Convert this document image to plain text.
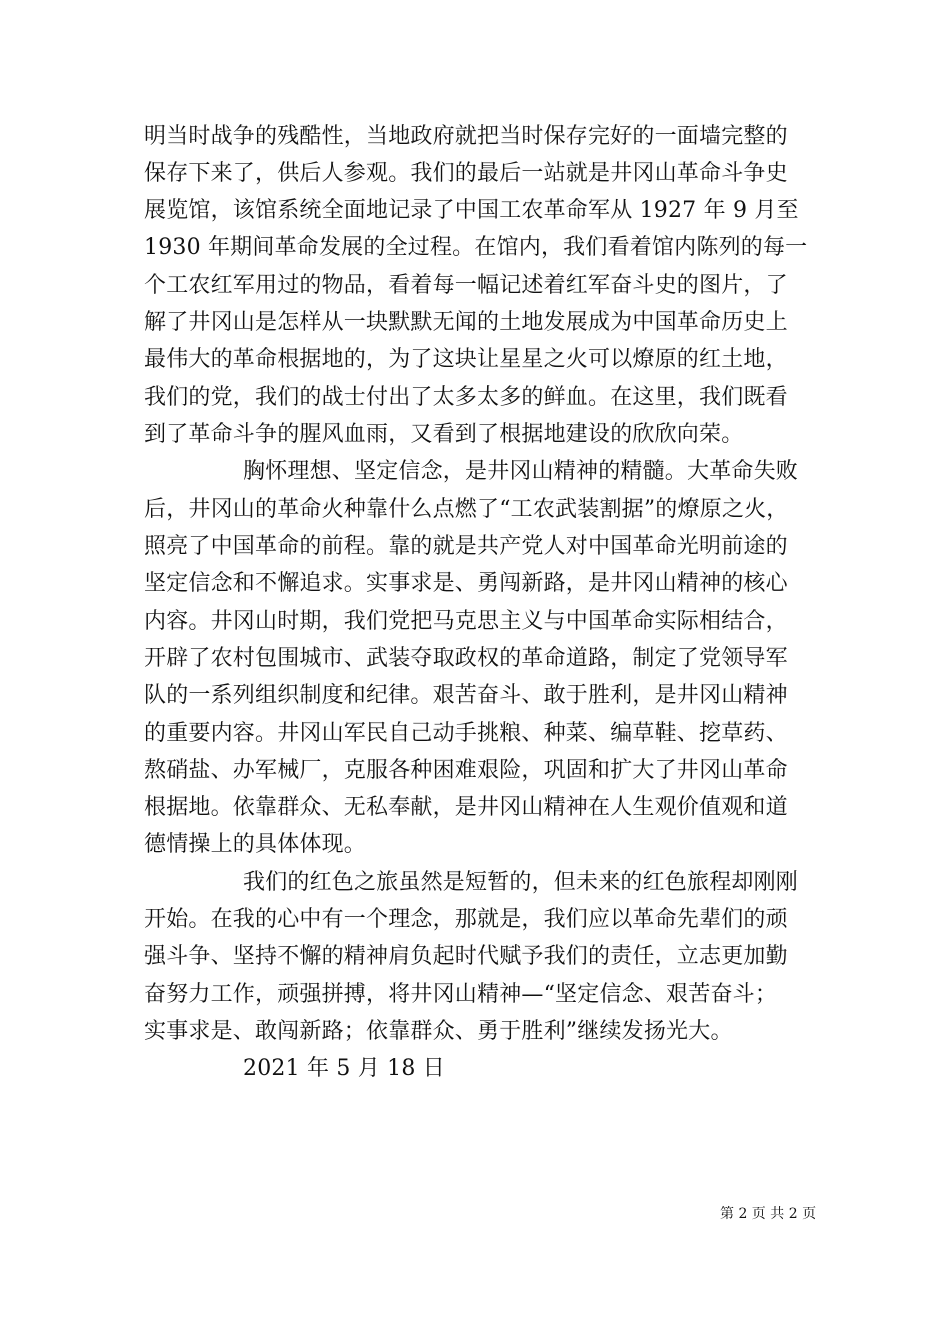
明当时战争的残酷性，当地政府就把当时保存完好的一面墙完整的
保存下来了，供后人参观。我们的最后一站就是井冈山革命斗争史
展览馆，该馆系统全面地记录了中国工农革命军从 1927 年 9 月至
1930 年期间革命发展的全过程。在馆内，我们看着馆内陈列的每一
个工农红军用过的物品，看着每一幅记述着红军奋斗史的图片，了
解了井冈山是怎样从一块默默无闻的土地发展成为中国革命历史上
最伟大的革命根据地的，为了这块让星星之火可以燎原的红土地，
我们的党，我们的战士付出了太多太多的鲜血。在这里，我们既看
到了革命斗争的腥风血雨，又看到了根据地建设的欣欣向荣。
胸怀理想、坚定信念，是井冈山精神的精髓。大革命失败
后，井冈山的革命火种靠什么点燃了“工农武装割据”的燎原之火，
照亮了中国革命的前程。靠的就是共产党人对中国革命光明前途的
坚定信念和不懈追求。实事求是、勇闯新路，是井冈山精神的核心
内容。井冈山时期，我们党把马克思主义与中国革命实际相结合，
开辟了农村包围城市、武装夺取政权的革命道路，制定了党领导军
队的一系列组织制度和纪律。艰苦奋斗、敢于胜利，是井冈山精神
的重要内容。井冈山军民自己动手挑粮、种菜、编草鞋、挖草药、
熬硝盐、办军械厂，克服各种困难艰险，巩固和扩大了井冈山革命
根据地。依靠群众、无私奉献，是井冈山精神在人生观价值观和道
德情操上的具体体现。
我们的红色之旅虽然是短暂的，但未来的红色旅程却刚刚
开始。在我的心中有一个理念，那就是，我们应以革命先辈们的顽
强斗争、坚持不懈的精神肩负起时代赋予我们的责任，立志更加勤
奋努力工作，顽强拼搏，将井冈山精神—“坚定信念、艰苦奋斗；
实事求是、敢闯新路；依靠群众、勇于胜利”继续发扬光大。
2021 年 5 月 18 日
第 2 页 共 2 页
